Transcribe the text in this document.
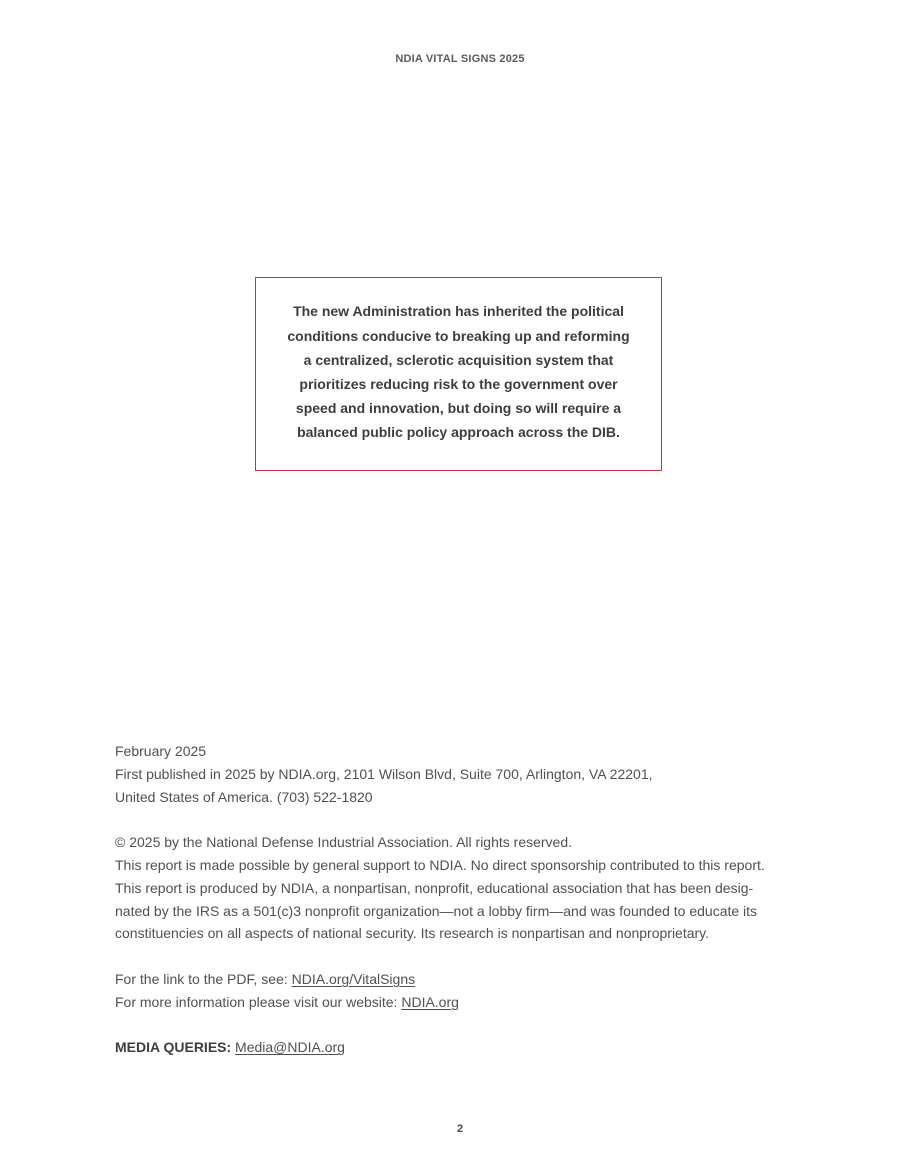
NDIA VITAL SIGNS 2025
The new Administration has inherited the political conditions conducive to breaking up and reforming a centralized, sclerotic acquisition system that prioritizes reducing risk to the government over speed and innovation, but doing so will require a balanced public policy approach across the DIB.

February 2025

First published in 2025 by NDIA.org, 2101 Wilson Blvd, Suite 700, Arlington, VA 22201,

United States of America. (703) 522-1820

© 2025 by the National Defense Industrial Association. All rights reserved.

This report is made possible by general support to NDIA. No direct sponsorship contributed to this report.

This report is produced by NDIA, a nonpartisan, nonprofit, educational association that has been desig-

nated by the IRS as a 501(c)3 nonprofit organization—not a lobby firm—and was founded to educate its

constituencies on all aspects of national security. Its research is nonpartisan and nonproprietary.

For the link to the PDF, see: NDIA.org/VitalSigns

For more information please visit our website: NDIA.org

MEDIA QUERIES: Media@NDIA.org

2
